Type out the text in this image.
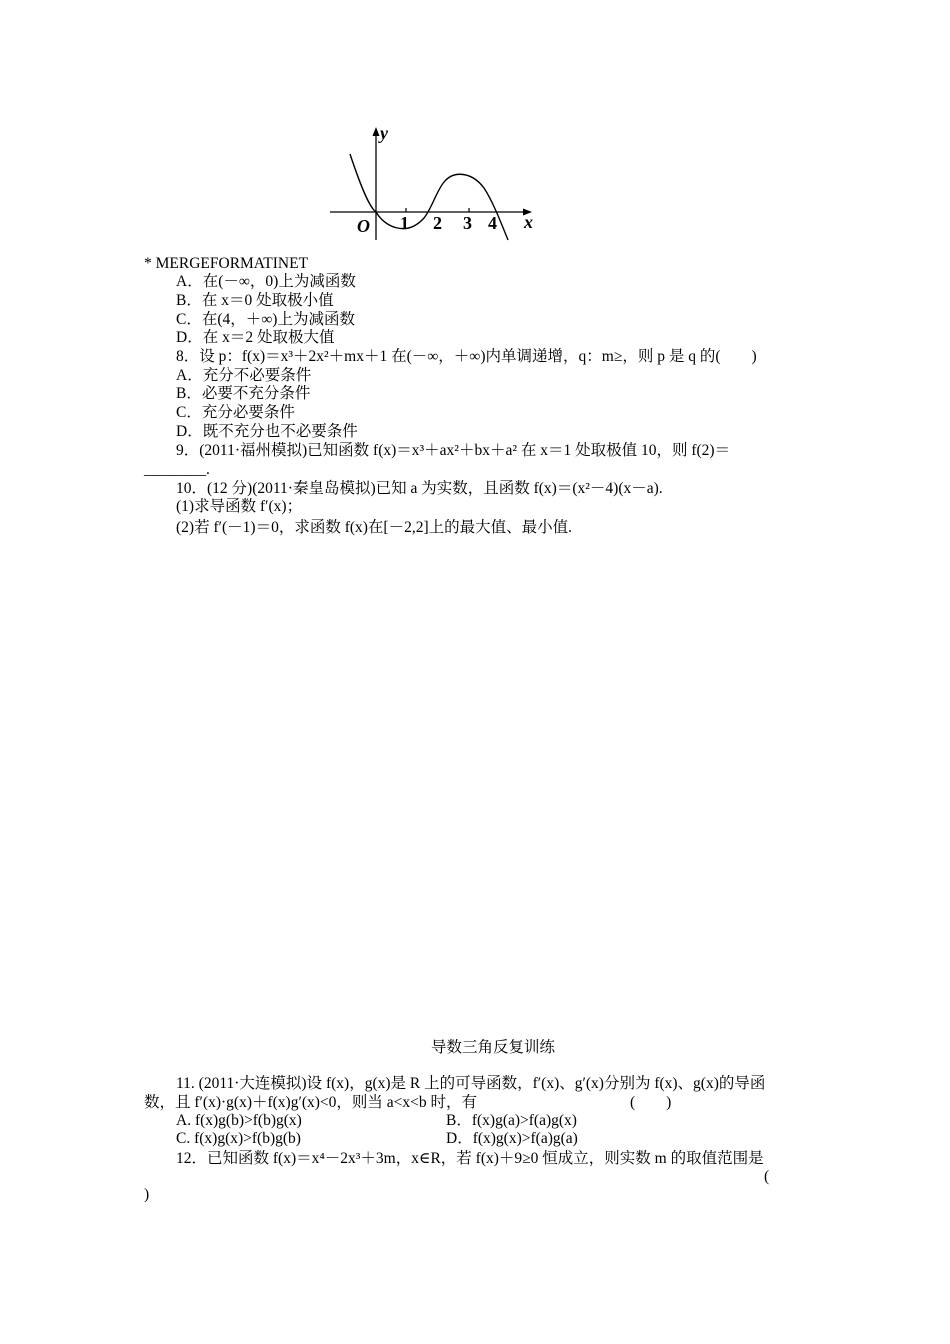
y
x
O 1 2 3 4
* MERGEFORMATINET
A．在(－∞，0)上为减函数
B．在 x＝0 处取极小值
C．在(4，＋∞)上为减函数
D．在 x＝2 处取极大值
8．设 p：f(x)＝x³＋2x²＋mx＋1 在(－∞，＋∞)内单调递增，q：m≥，则 p 是 q 的(　　)
A．充分不必要条件
B．必要不充分条件
C．充分必要条件
D．既不充分也不必要条件
9．(2011·福州模拟)已知函数 f(x)＝x³＋ax²＋bx＋a² 在 x＝1 处取极值 10，则 f(2)＝
________.
10．(12 分)(2011·秦皇岛模拟)已知 a 为实数，且函数 f(x)＝(x²－4)(x－a).
(1)求导函数 f′(x)；
(2)若 f′(－1)＝0，求函数 f(x)在[－2,2]上的最大值、最小值.
导数三角反复训练
11. (2011·大连模拟)设 f(x)，g(x)是 R 上的可导函数，f′(x)、g′(x)分别为 f(x)、g(x)的导函
数，且 f′(x)·g(x)＋f(x)g′(x)<0，则当 a<x<b 时，有	(　　)
A. f(x)g(b)>f(b)g(x)	B．f(x)g(a)>f(a)g(x)
C. f(x)g(x)>f(b)g(b)	D．f(x)g(x)>f(a)g(a)
12．已知函数 f(x)＝x⁴－2x³＋3m，x∈R，若 f(x)＋9≥0 恒成立，则实数 m 的取值范围是
(
)
